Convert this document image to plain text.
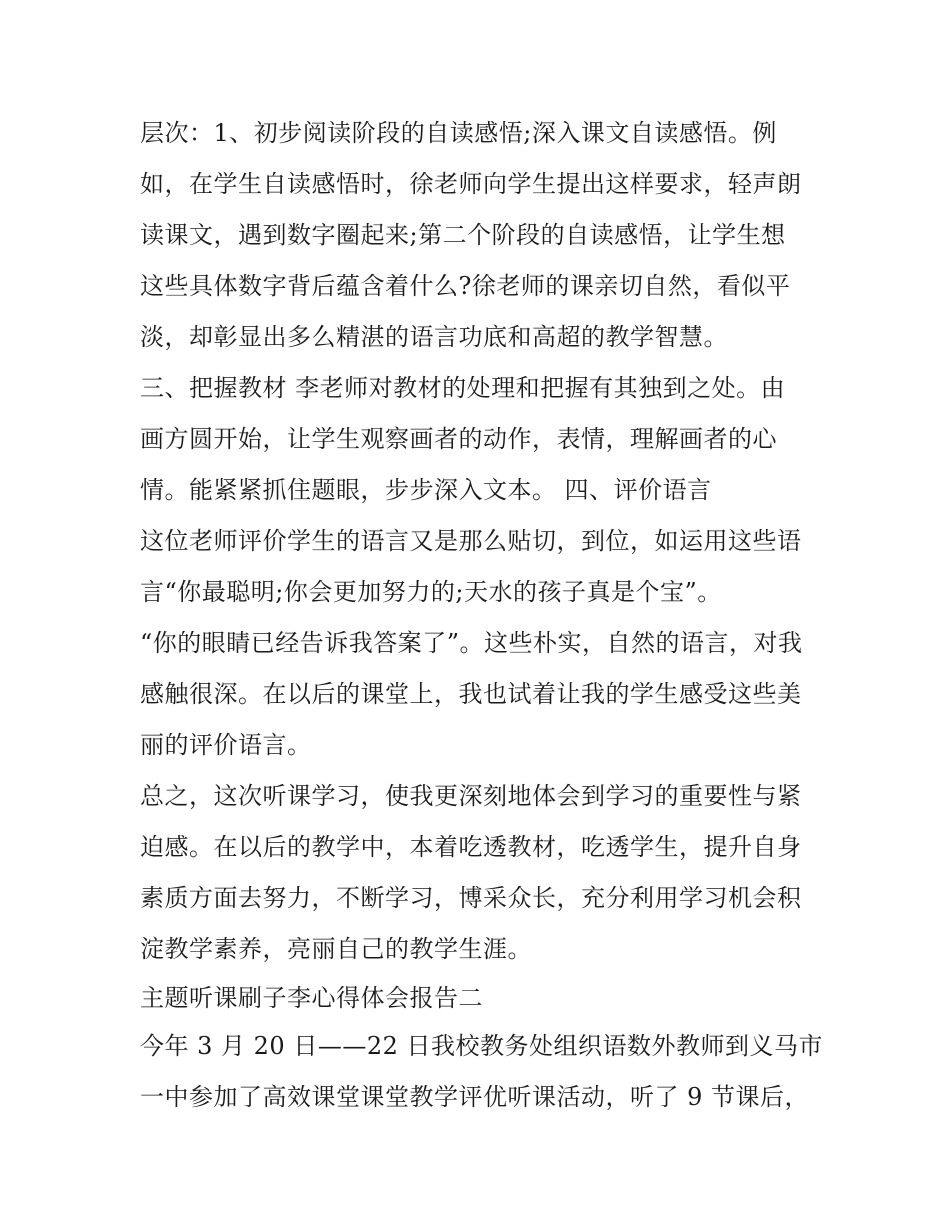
层次：1、初步阅读阶段的自读感悟;深入课文自读感悟。例
如，在学生自读感悟时，徐老师向学生提出这样要求，轻声朗
读课文，遇到数字圈起来;第二个阶段的自读感悟，让学生想
这些具体数字背后蕴含着什么?徐老师的课亲切自然，看似平
淡，却彰显出多么精湛的语言功底和高超的教学智慧。
三、把握教材 李老师对教材的处理和把握有其独到之处。由
画方圆开始，让学生观察画者的动作，表情，理解画者的心
情。能紧紧抓住题眼，步步深入文本。 四、评价语言
这位老师评价学生的语言又是那么贴切，到位，如运用这些语
言“你最聪明;你会更加努力的;天水的孩子真是个宝”。
“你的眼睛已经告诉我答案了”。这些朴实，自然的语言，对我
感触很深。在以后的课堂上，我也试着让我的学生感受这些美
丽的评价语言。
总之，这次听课学习，使我更深刻地体会到学习的重要性与紧
迫感。在以后的教学中，本着吃透教材，吃透学生，提升自身
素质方面去努力，不断学习，博采众长，充分利用学习机会积
淀教学素养，亮丽自己的教学生涯。
主题听课刷子李心得体会报告二
今年 3 月 20 日——22 日我校教务处组织语数外教师到义马市
一中参加了高效课堂课堂教学评优听课活动，听了 9 节课后，
